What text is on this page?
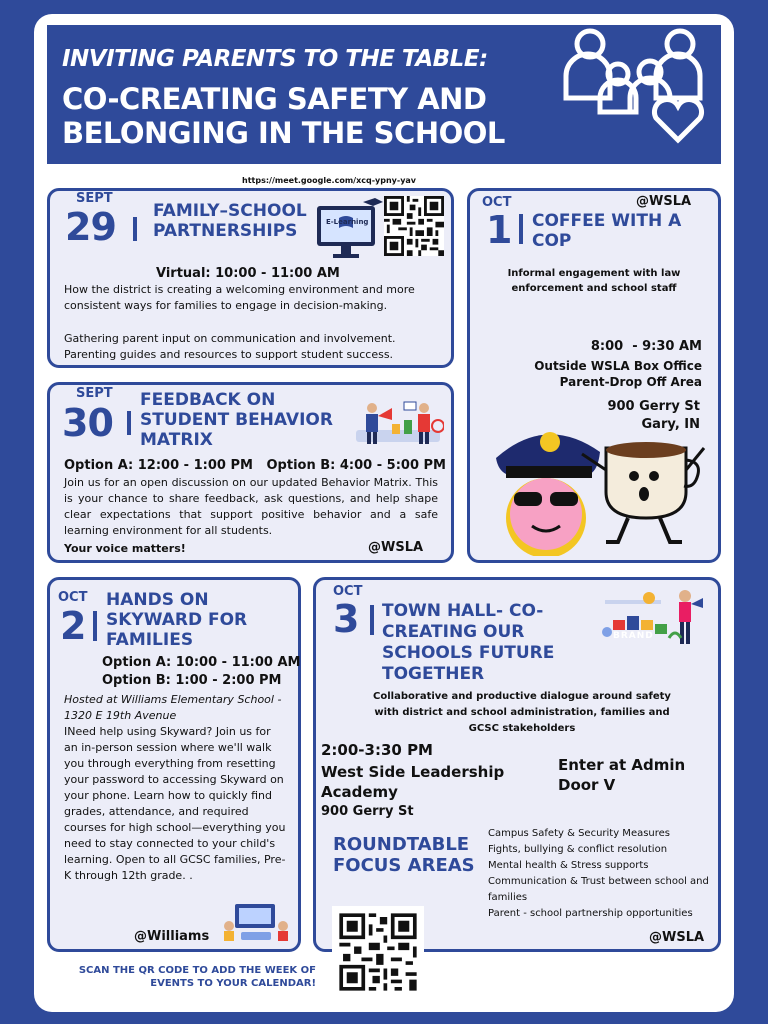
INVITING PARENTS TO THE TABLE:
CO-CREATING SAFETY AND BELONGING IN THE SCHOOL
https://meet.google.com/xcq-ypny-yav
SEPT
29 FAMILY–SCHOOL PARTNERSHIPS	E-Learning
Virtual: 10:00 - 11:00 AM
How the district is creating a welcoming environment and more consistent ways for families to engage in decision-making.
Gathering parent input on communication and involvement.
Parenting guides and resources to support student success.
SEPT
30
FEEDBACK ON STUDENT BEHAVIOR MATRIX
Option A: 12:00 - 1:00 PM   Option B: 4:00 - 5:00 PM
Join us for an open discussion on our updated Behavior Matrix. This is your chance to share feedback, ask questions, and help shape clear expectations that support positive behavior and a safe learning environment for all students.
Your voice matters!	@WSLA
OCT	@WSLA
1 COFFEE WITH A COP
Informal engagement with law enforcement and school staff
8:00  - 9:30 AM
Outside WSLA Box Office
Parent-Drop Off Area
900 Gerry St
Gary, IN
OCT
2
HANDS ON SKYWARD FOR FAMILIES
Option A: 10:00 - 11:00 AM
Option B: 1:00 - 2:00 PM
Hosted at Williams Elementary School - 1320 E 19th Avenue
INeed help using Skyward? Join us for an in-person session where we'll walk you through everything from resetting your password to accessing Skyward on your phone. Learn how to quickly find grades, attendance, and required courses for high school—everything you need to stay connected to your child's learning. Open to all GCSC families, Pre-K through 12th grade. .
@Williams
OCT
3 TOWN HALL- CO-CREATING OUR SCHOOLS FUTURE TOGETHER
BRAND
Collaborative and productive dialogue around safety with district and school administration, families and GCSC stakeholders
2:00-3:30 PM
West Side Leadership Academy
900 Gerry St
Enter at Admin Door V
ROUNDTABLE FOCUS AREAS
Campus Safety & Security Measures
Fights, bullying & conflict resolution
Mental health & Stress supports
Communication & Trust between school and families
Parent - school partnership opportunities
@WSLA
SCAN THE QR CODE TO ADD THE WEEK OF EVENTS TO YOUR CALENDAR!
